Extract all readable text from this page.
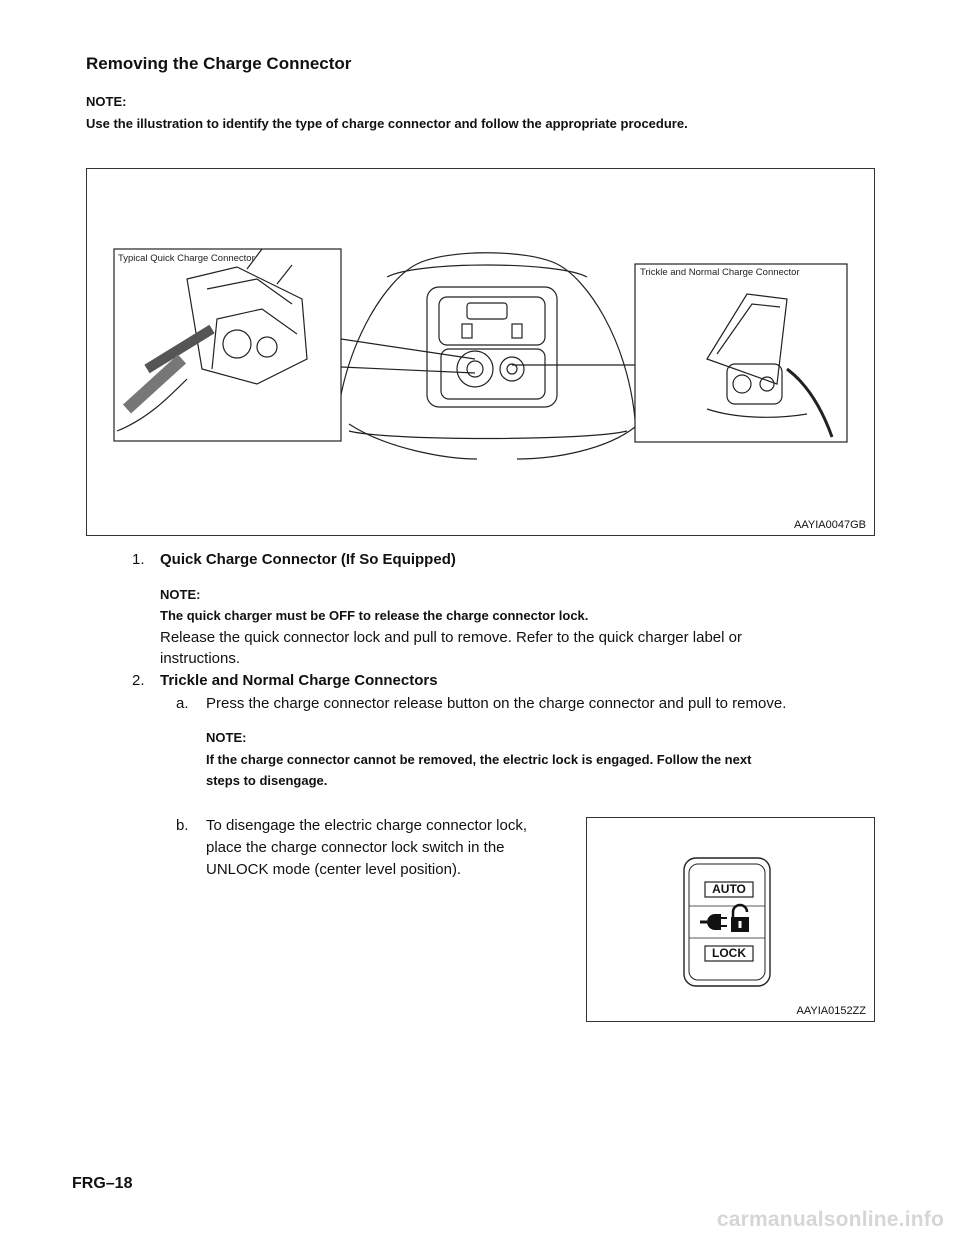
Removing the Charge Connector
NOTE:
Use the illustration to identify the type of charge connector and follow the appropriate procedure.
Typical Quick Charge Connector
Trickle and Normal Charge Connector
AAYIA0047GB
1. Quick Charge Connector (If So Equipped)
NOTE:
The quick charger must be OFF to release the charge connector lock.
Release the quick connector lock and pull to remove. Refer to the quick charger label or
instructions.
2. Trickle and Normal Charge Connectors
a. Press the charge connector release button on the charge connector and pull to remove.
NOTE:
If the charge connector cannot be removed, the electric lock is engaged. Follow the next
steps to disengage.
b. To disengage the electric charge connector lock,
place the charge connector lock switch in the
UNLOCK mode (center level position).
AUTO
LOCK
AAYIA0152ZZ
FRG–18
carmanualsonline.info
